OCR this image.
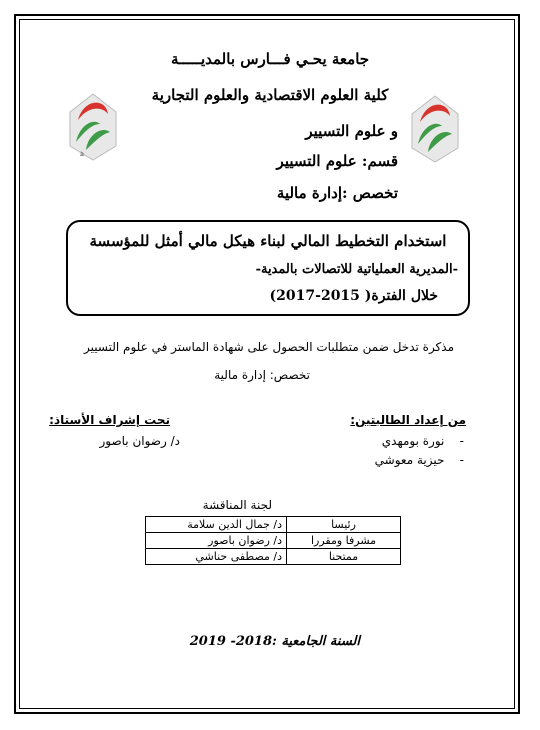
ﻫ
جامعة يحـي فـــارس بالمديـــــة
كلية العلوم الاقتصادية والعلوم التجارية
و علوم التسيير
قسم: علوم التسيير
تخصص :إدارة مالية
استخدام التخطيط المالي لبناء هيكل مالي أمثل للمؤسسة
-المديرية العملياتية للاتصالات بالمدية-
خلال الفترة( 2015-2017)
مذكرة تدخل ضمن متطلبات الحصول على شهادة الماستر في علوم التسيير
تخصص: إدارة مالية
من إعداد الطالبتين:
-    نورة بومهدي
-    حيزية معوشي
تحت إشراف الأستاذ:
د/ رضوان باصور
لجنة المناقشة
د/ جمال الدين سلامة	رئيسا
د/ رضوان باصور	مشرفا ومقررا
د/ مصطفى حناشي	ممتحنا
السنة الجامعية :2018- 2019
